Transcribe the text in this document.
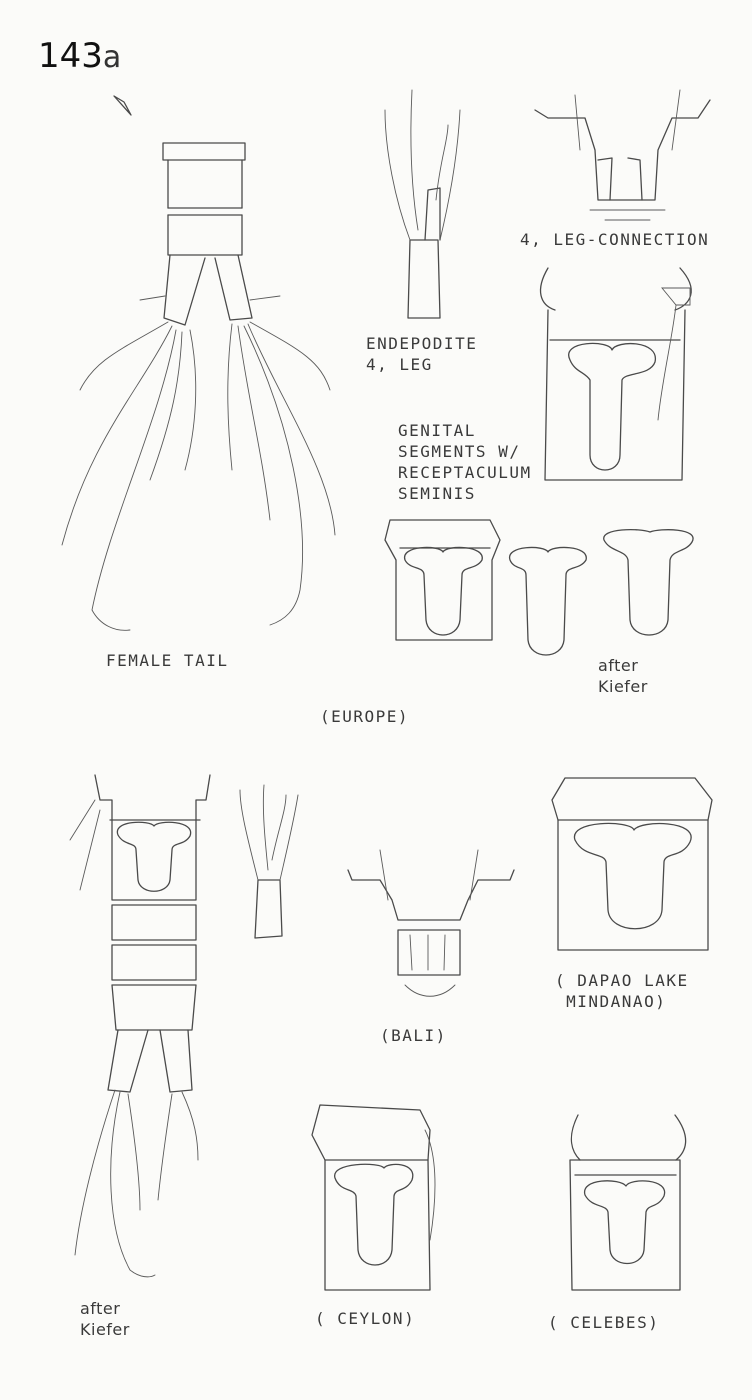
143a
FEMALE TAIL
ENDEPODITE
4, LEG
4, LEG-CONNECTION
GENITAL
SEGMENTS W/
RECEPTACULUM
SEMINIS
after
Kiefer
(EUROPE)
( DAPAO LAKE
MINDANAO)
(BALI)
( CEYLON)	( CELEBES)
after
Kiefer
